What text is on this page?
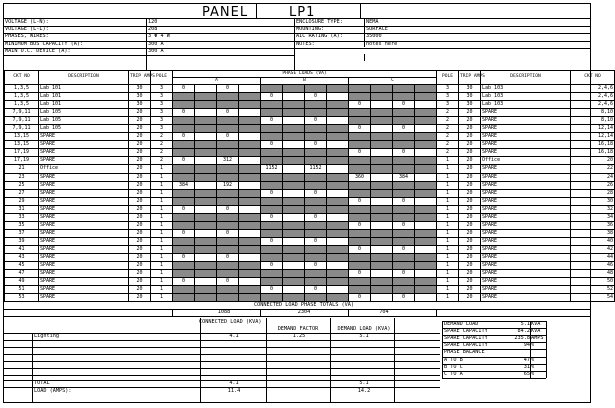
PANEL	LP1
VOLTAGE (L-N):	120
VOLTAGE (L-L):	208
PHASES, WIRES:	3 Φ 4 W
MINIMUM BUS CAPACITY (A):	300 A
MAIN O.C. DEVICE (A):	300 A
ENCLOSURE TYPE:	NEMA
MOUNTING:	SURFACE
AIC RATING (A):	35000
NOTES:	notes here
CKT NO	DESCRIPTION	TRIP AMPS	POLE	PHASE LOADS (VA)												POLE	TRIP AMPS	DESCRIPTION	CKT NO
				A				B				C							
1,3,5	Lab 101	30	3	0		0										3	30	Lab 103	2,4,6
1,3,5	Lab 101	30	3					0		0						3	30	Lab 103	2,4,6
1,3,5	Lab 101	30	3									0		0		3	30	Lab 103	2,4,6
7,9,11	Lab 105	20	3	0		0										2	20	SPARE	8,10
7,9,11	Lab 105	20	3					0		0						2	20	SPARE	8,10
7,9,11	Lab 105	20	3									0		0		2	20	SPARE	12,14
13,15	SPARE	20	2	0		0										2	20	SPARE	12,14
13,15	SPARE	20	2					0		0						2	20	SPARE	16,18
17,19	SPARE	20	2									0		0		2	20	SPARE	16,18
17,19	SPARE	20	2	0		312										1	20	Office	20
21	Office	20	1					1152		1152						1	20	SPARE	22
23	SPARE	20	1									360		384		1	20	SPARE	24
25	SPARE	20	1	384		192										1	20	SPARE	26
27	SPARE	20	1					0		0						1	20	SPARE	28
29	SPARE	20	1									0		0		1	20	SPARE	30
31	SPARE	20	1	0		0										1	20	SPARE	32
33	SPARE	20	1					0		0						1	20	SPARE	34
35	SPARE	20	1									0		0		1	20	SPARE	36
37	SPARE	20	1	0		0										1	20	SPARE	38
39	SPARE	20	1					0		0						1	20	SPARE	40
41	SPARE	20	1									0		0		1	20	SPARE	42
43	SPARE	20	1	0		0										1	20	SPARE	44
45	SPARE	20	1					0		0						1	20	SPARE	46
47	SPARE	20	1									0		0		1	20	SPARE	48
49	SPARE	20	1	0		0										1	20	SPARE	50
51	SPARE	20	1					0		0						1	20	SPARE	52
53	SPARE	20	1									0		0		1	20	SPARE	54
CONNECTED LOAD PHASE TOTALS (VA)
1088	2304	704
CONNECTED LOAD (KVA)
DEMAND FACTOR	DEMAND LOAD (KVA)
Lighting	4.1	1.25	5.1
TOTAL	4.1	5.1
LOAD (AMPS):	11.4	14.2
DEMAND LOAD	5.1 KVA
SPARE CAPACITY	84.2 KVA
SPARE CAPACITY	235.8 AMPS
SPARE CAPACITY	94 %
PHASE BALANCE
A TO B	47 %
B TO C	31 %
C TO A	65 %
